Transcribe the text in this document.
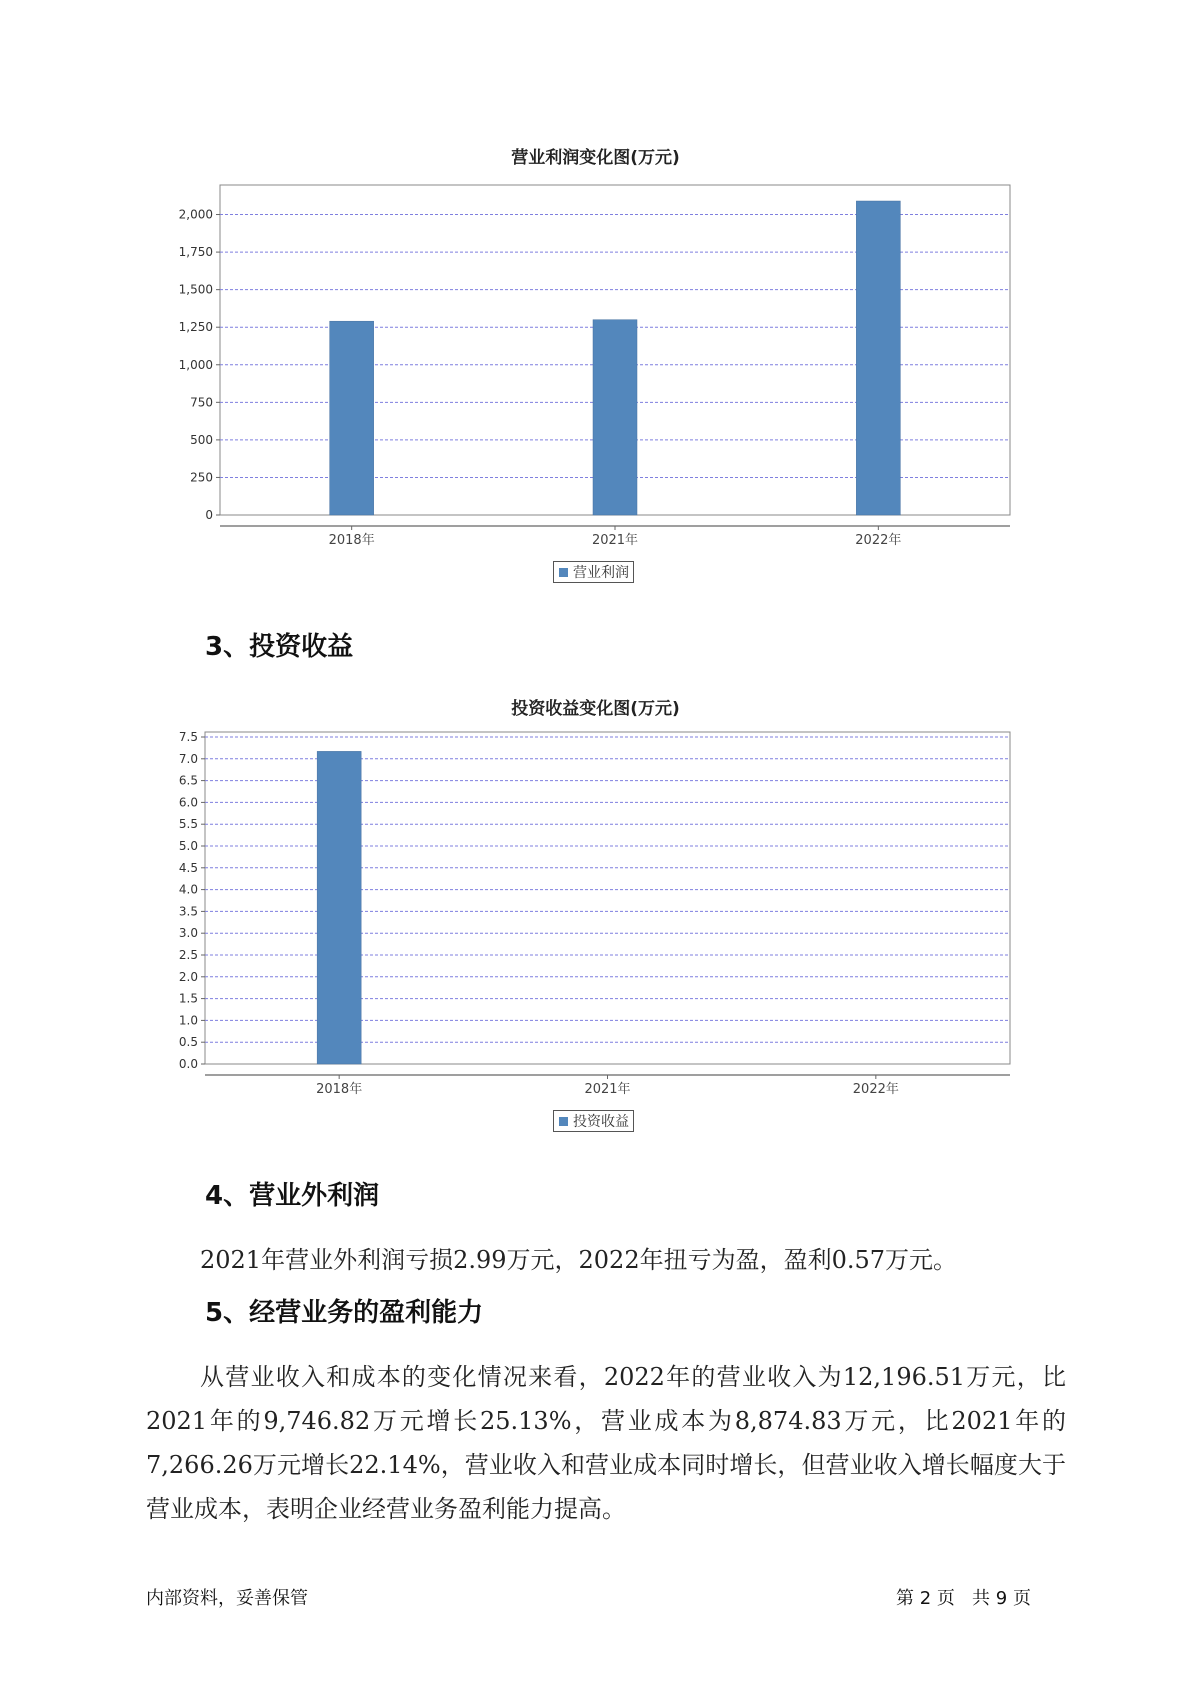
营业利润变化图(万元)
0
250
500
750
1,000
1,250
1,500
1,750
2,000
2018年	2021年	2022年
营业利润
3、投资收益
投资收益变化图(万元)
0.0
0.5
1.0
1.5
2.0
2.5
3.0
3.5
4.0
4.5
5.0
5.5
6.0
6.5
7.0
7.5
2018年	2021年	2022年
投资收益
4、营业外利润
2021年营业外利润亏损2.99万元，2022年扭亏为盈，盈利0.57万元。
5、经营业务的盈利能力
从营业收入和成本的变化情况来看，2022年的营业收入为12,196.51万元，比2021年的9,746.82万元增长25.13%，营业成本为8,874.83万元，比2021年的7,266.26万元增长22.14%，营业收入和营业成本同时增长，但营业收入增长幅度大于营业成本，表明企业经营业务盈利能力提高。
内部资料，妥善保管	第 2 页   共 9 页
